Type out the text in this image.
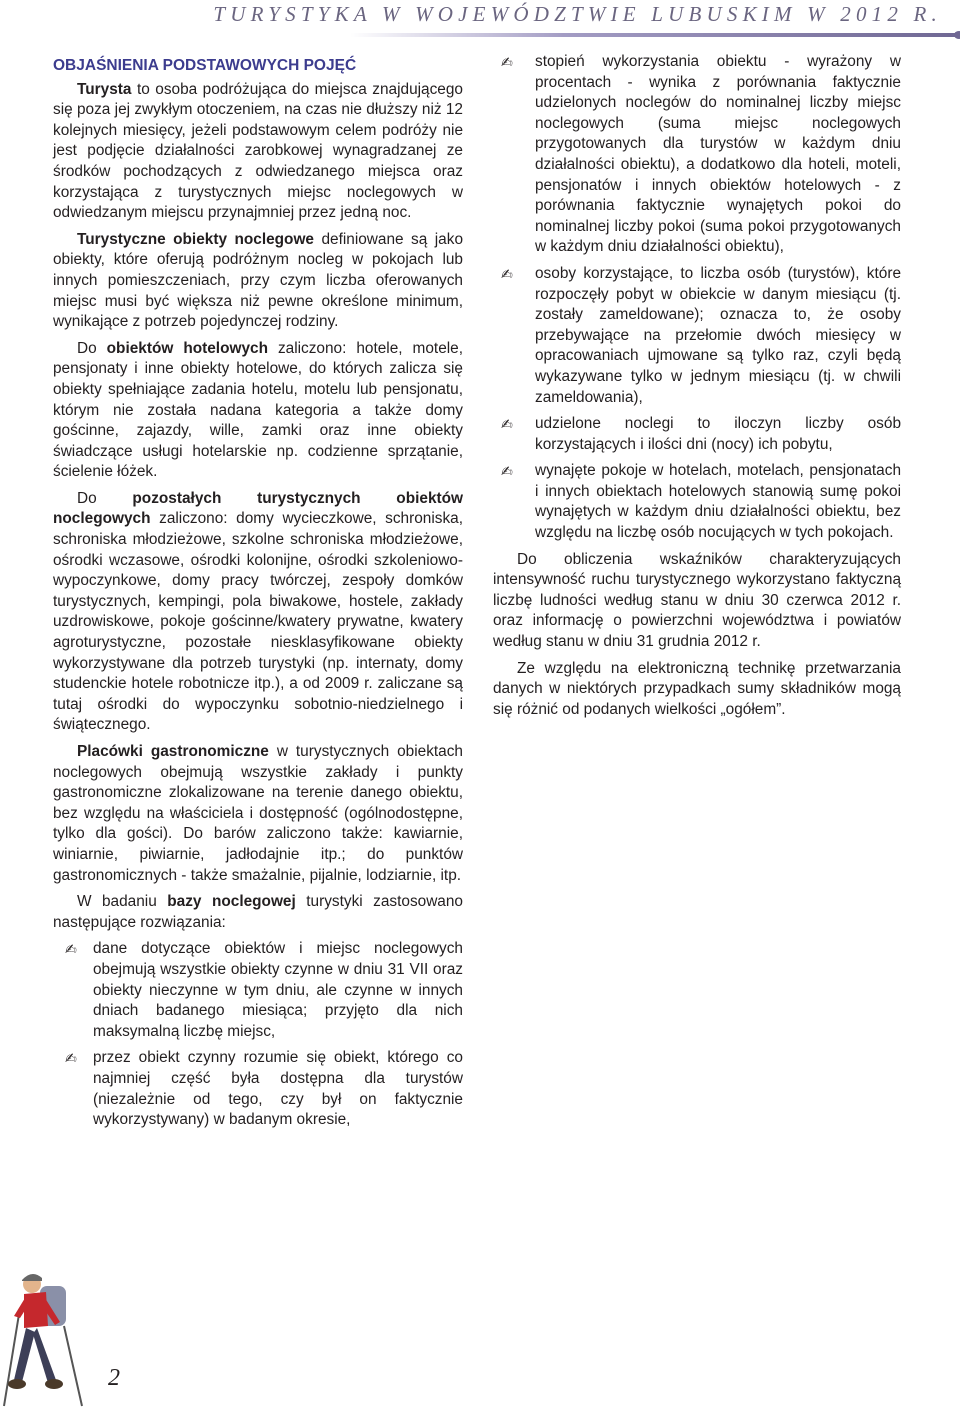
TURYSTYKA W WOJEWÓDZTWIE LUBUSKIM W 2012 R.
OBJAŚNIENIA PODSTAWOWYCH POJĘĆ

Turysta to osoba podróżująca do miejsca znajdującego się poza jej zwykłym otoczeniem, na czas nie dłuższy niż 12 kolejnych miesięcy, jeżeli podstawowym celem podróży nie jest podjęcie działalności zarobkowej wynagradzanej ze środków pochodzących z odwiedzanego miejsca oraz korzystająca z turystycznych miejsc noclegowych w odwiedzanym miejscu przynajmniej przez jedną noc.

Turystyczne obiekty noclegowe definiowane są jako obiekty, które oferują podróżnym nocleg w pokojach lub innych pomieszczeniach, przy czym liczba oferowanych miejsc musi być większa niż pewne określone minimum, wynikające z potrzeb pojedynczej rodziny.

Do obiektów hotelowych zaliczono: hotele, motele, pensjonaty i inne obiekty hotelowe, do których zalicza się obiekty spełniające zadania hotelu, motelu lub pensjonatu, którym nie została nadana kategoria a także domy gościnne, zajazdy, wille, zamki oraz inne obiekty świadczące usługi hotelarskie np. codzienne sprzątanie, ścielenie łóżek.

Do pozostałych turystycznych obiektów noclegowych zaliczono: domy wycieczkowe, schroniska, schroniska młodzieżowe, szkolne schroniska młodzieżowe, ośrodki wczasowe, ośrodki kolonijne, ośrodki szkoleniowo-wypoczynkowe, domy pracy twórczej, zespoły domków turystycznych, kempingi, pola biwakowe, hostele, zakłady uzdrowiskowe, pokoje gościnne/kwatery prywatne, kwatery agroturystyczne, pozostałe niesklasyfikowane obiekty wykorzystywane dla potrzeb turystyki (np. internaty, domy studenckie hotele robotnicze itp.), a od 2009 r. zaliczane są tutaj ośrodki do wypoczynku sobotnio-niedzielnego i świątecznego.

Placówki gastronomiczne w turystycznych obiektach noclegowych obejmują wszystkie zakłady i punkty gastronomiczne zlokalizowane na terenie danego obiektu, bez względu na właściciela i dostępność (ogólnodostępne, tylko dla gości). Do barów zaliczono także: kawiarnie, winiarnie, piwiarnie, jadłodajnie itp.; do punktów gastronomicznych - także smażalnie, pijalnie, lodziarnie, itp.

W badaniu bazy noclegowej turystyki zastosowano następujące rozwiązania:

✍ dane dotyczące obiektów i miejsc noclegowych obejmują wszystkie obiekty czynne w dniu 31 VII oraz obiekty nieczynne w tym dniu, ale czynne w innych dniach badanego miesiąca; przyjęto dla nich maksymalną liczbę miejsc,
✍ przez obiekt czynny rozumie się obiekt, którego co najmniej część była dostępna dla turystów (niezależnie od tego, czy był on faktycznie wykorzystywany) w badanym okresie,
✍ stopień wykorzystania obiektu - wyrażony w procentach - wynika z porównania faktycznie udzielonych noclegów do nominalnej liczby miejsc noclegowych (suma miejsc noclegowych przygotowanych dla turystów w każdym dniu działalności obiektu), a dodatkowo dla hoteli, moteli, pensjonatów i innych obiektów hotelowych - z porównania faktycznie wynajętych pokoi do nominalnej liczby pokoi (suma pokoi przygotowanych w każdym dniu działalności obiektu),
✍ osoby korzystające, to liczba osób (turystów), które rozpoczęły pobyt w obiekcie w danym miesiącu (tj. zostały zameldowane); oznacza to, że osoby przebywające na przełomie dwóch miesięcy w opracowaniach ujmowane są tylko raz, czyli będą wykazywane tylko w jednym miesiącu (tj. w chwili zameldowania),
✍ udzielone noclegi to iloczyn liczby osób korzystających i ilości dni (nocy) ich pobytu,
✍ wynajęte pokoje w hotelach, motelach, pensjonatach i innych obiektach hotelowych stanowią sumę pokoi wynajętych w każdym dniu działalności obiektu, bez względu na liczbę osób nocujących w tych pokojach.

Do obliczenia wskaźników charakteryzujących intensywność ruchu turystycznego wykorzystano faktyczną liczbę ludności według stanu w dniu 30 czerwca 2012 r. oraz informację o powierzchni województwa i powiatów według stanu w dniu 31 grudnia 2012 r.

Ze względu na elektroniczną technikę przetwarzania danych w niektórych przypadkach sumy składników mogą się różnić od podanych wielkości „ogółem”.

2
